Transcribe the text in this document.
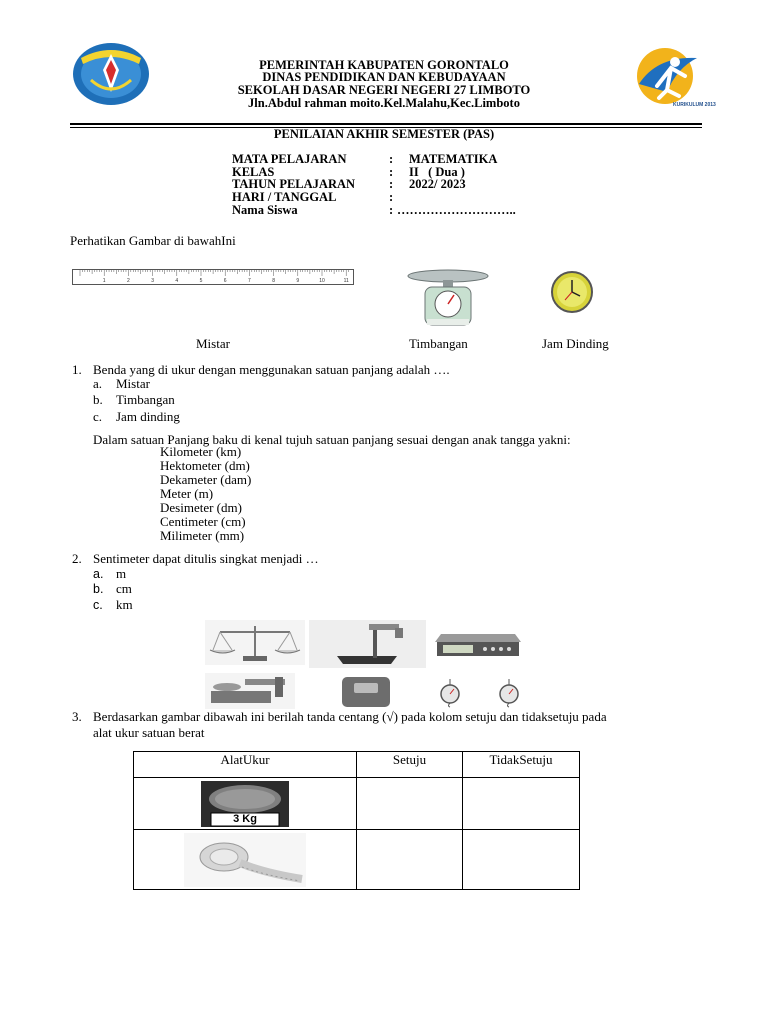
PEMERINTAH KABUPATEN GORONTALO
DINAS PENDIDIKAN DAN KEBUDAYAAN
SEKOLAH DASAR NEGERI NEGERI 27 LIMBOTO
Jln.Abdul rahman moito.Kel.Malahu,Kec.Limboto	KURIKULUM 2013
PENILAIAN AKHIR SEMESTER (PAS)
MATA PELAJARAN	: MATEMATIKA
KELAS	: II   ( Dua )
TAHUN PELAJARAN	: 2022/ 2023
HARI / TANGGAL	:
Nama Siswa	: ………………………..
Perhatikan Gambar di bawahIni
1	2	3	4	5	6	7	8	9	10	11
Mistar	Timbangan	Jam Dinding
1. Benda yang di ukur dengan menggunakan satuan panjang adalah ….
a. Mistar
b. Timbangan
c. Jam dinding
Dalam satuan Panjang baku di kenal tujuh satuan panjang sesuai dengan anak tangga yakni:
Kilometer (km)
Hektometer (dm)
Dekameter (dam)
Meter (m)
Desimeter (dm)
Centimeter (cm)
Milimeter (mm)
2. Sentimeter dapat ditulis singkat menjadi …
a. m
b. cm
c. km
3. Berdasarkan gambar dibawah ini berilah tanda centang (√) pada kolom setuju dan tidaksetuju pada
alat ukur satuan berat
AlatUkur	Setuju	TidakSetuju

3 Kg		
